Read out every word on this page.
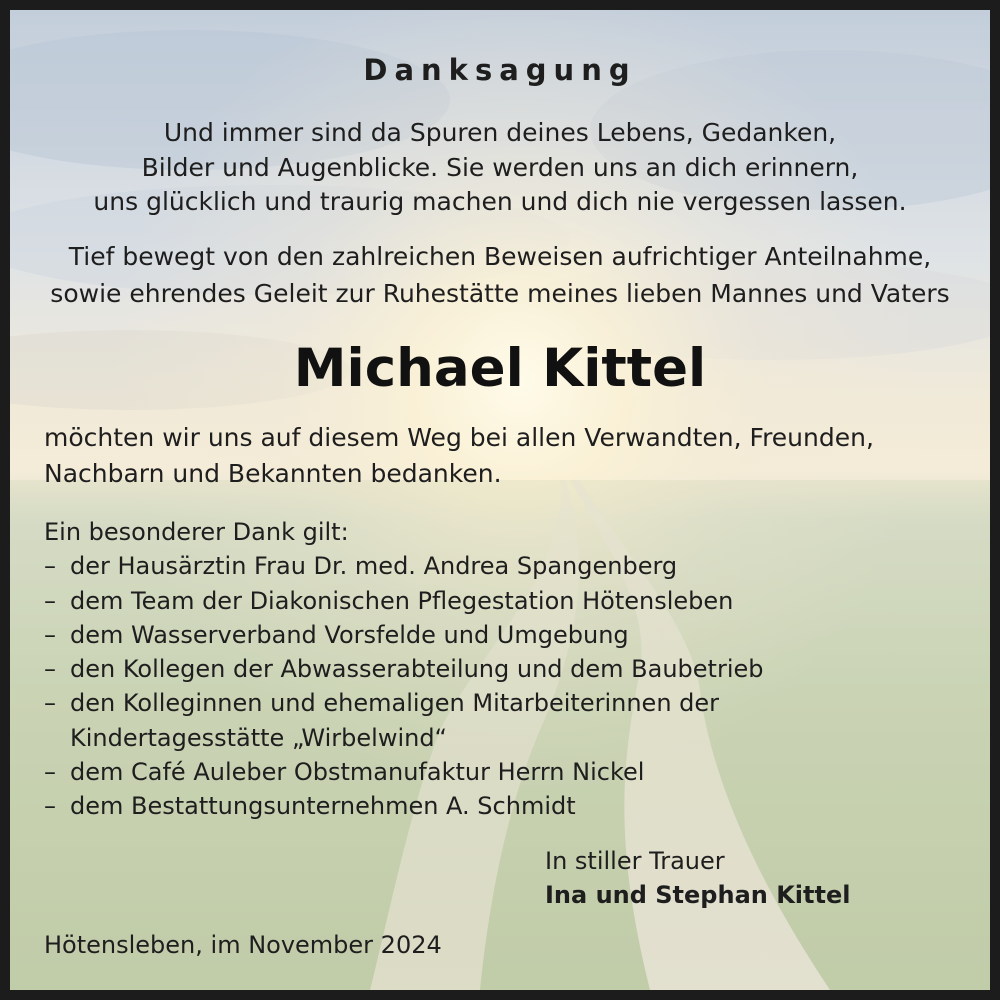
Danksagung
Und immer sind da Spuren deines Lebens, Gedanken,
Bilder und Augenblicke. Sie werden uns an dich erinnern,
uns glücklich und traurig machen und dich nie vergessen lassen.
Tief bewegt von den zahlreichen Beweisen aufrichtiger Anteilnahme,
sowie ehrendes Geleit zur Ruhestätte meines lieben Mannes und Vaters
Michael Kittel
möchten wir uns auf diesem Weg bei allen Verwandten, Freunden,
Nachbarn und Bekannten bedanken.
Ein besonderer Dank gilt:
– der Hausärztin Frau Dr. med. Andrea Spangenberg
– dem Team der Diakonischen Pflegestation Hötensleben
– dem Wasserverband Vorsfelde und Umgebung
– den Kollegen der Abwasserabteilung und dem Baubetrieb
– den Kolleginnen und ehemaligen Mitarbeiterinnen der
Kindertagesstätte „Wirbelwind“
– dem Café Auleber Obstmanufaktur Herrn Nickel
– dem Bestattungsunternehmen A. Schmidt
In stiller Trauer
Ina und Stephan Kittel
Hötensleben, im November 2024
